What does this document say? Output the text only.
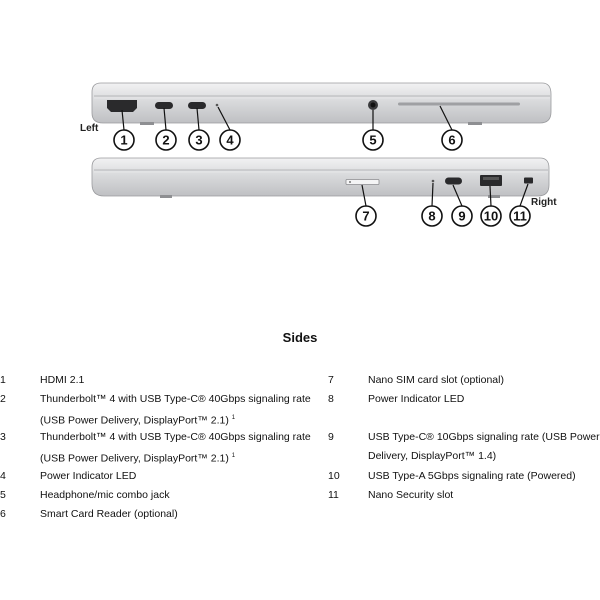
Left
Right
1	2 3 4	5	6
7	8 9 10 11
Sides
1	HDMI 2.1
2	Thunderbolt™ 4 with USB Type-C® 40Gbps signaling rate
(USB Power Delivery, DisplayPort™ 2.1) $^1$
3	Thunderbolt™ 4 with USB Type-C® 40Gbps signaling rate
(USB Power Delivery, DisplayPort™ 2.1) $^1$
4	Power Indicator LED
5	Headphone/mic combo jack
6	Smart Card Reader (optional)
7	Nano SIM card slot (optional)
8	Power Indicator LED
9	USB Type-C® 10Gbps signaling rate (USB Power
Delivery, DisplayPort™ 1.4)
10	USB Type-A 5Gbps signaling rate (Powered)
11	Nano Security slot
